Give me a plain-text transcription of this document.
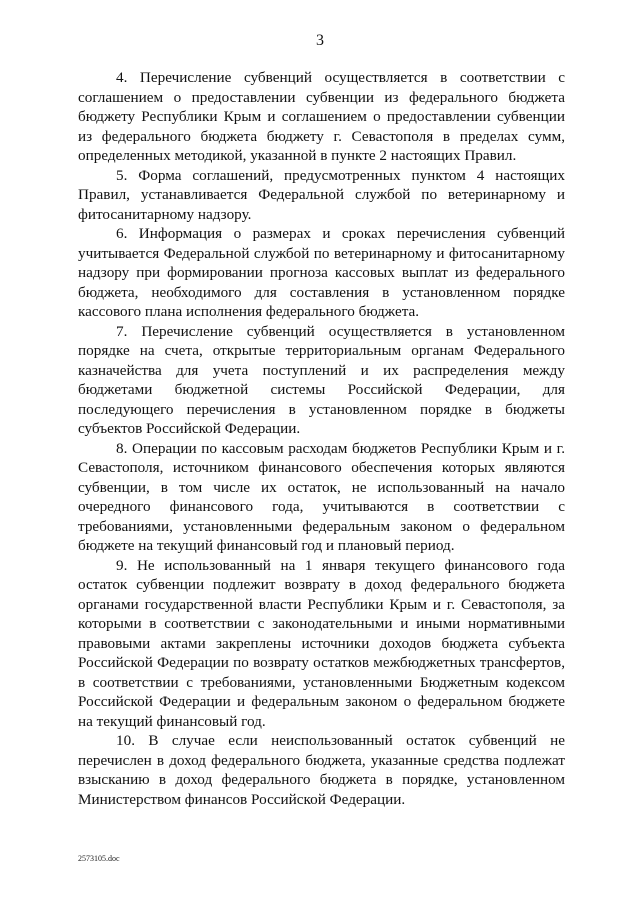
3

4. Перечисление субвенций осуществляется в соответствии с соглашением о предоставлении субвенции из федерального бюджета бюджету Республики Крым и соглашением о предоставлении субвенции из федерального бюджета бюджету г. Севастополя в пределах сумм, определенных методикой, указанной в пункте 2 настоящих Правил.

5. Форма соглашений, предусмотренных пунктом 4 настоящих Правил, устанавливается Федеральной службой по ветеринарному и фитосанитарному надзору.

6. Информация о размерах и сроках перечисления субвенций учитывается Федеральной службой по ветеринарному и фитосанитарному надзору при формировании прогноза кассовых выплат из федерального бюджета, необходимого для составления в установленном порядке кассового плана исполнения федерального бюджета.

7. Перечисление субвенций осуществляется в установленном порядке на счета, открытые территориальным органам Федерального казначейства для учета поступлений и их распределения между бюджетами бюджетной системы Российской Федерации, для последующего перечисления в установленном порядке в бюджеты субъектов Российской Федерации.

8. Операции по кассовым расходам бюджетов Республики Крым и г. Севастополя, источником финансового обеспечения которых являются субвенции, в том числе их остаток, не использованный на начало очередного финансового года, учитываются в соответствии с требованиями, установленными федеральным законом о федеральном бюджете на текущий финансовый год и плановый период.

9. Не использованный на 1 января текущего финансового года остаток субвенции подлежит возврату в доход федерального бюджета органами государственной власти Республики Крым и г. Севастополя, за которыми в соответствии с законодательными и иными нормативными правовыми актами закреплены источники доходов бюджета субъекта Российской Федерации по возврату остатков межбюджетных трансфертов, в соответствии с требованиями, установленными Бюджетным кодексом Российской Федерации и федеральным законом о федеральном бюджете на текущий финансовый год.

10. В случае если неиспользованный остаток субвенций не перечислен в доход федерального бюджета, указанные средства подлежат взысканию в доход федерального бюджета в порядке, установленном Министерством финансов Российской Федерации.

2573105.doc
